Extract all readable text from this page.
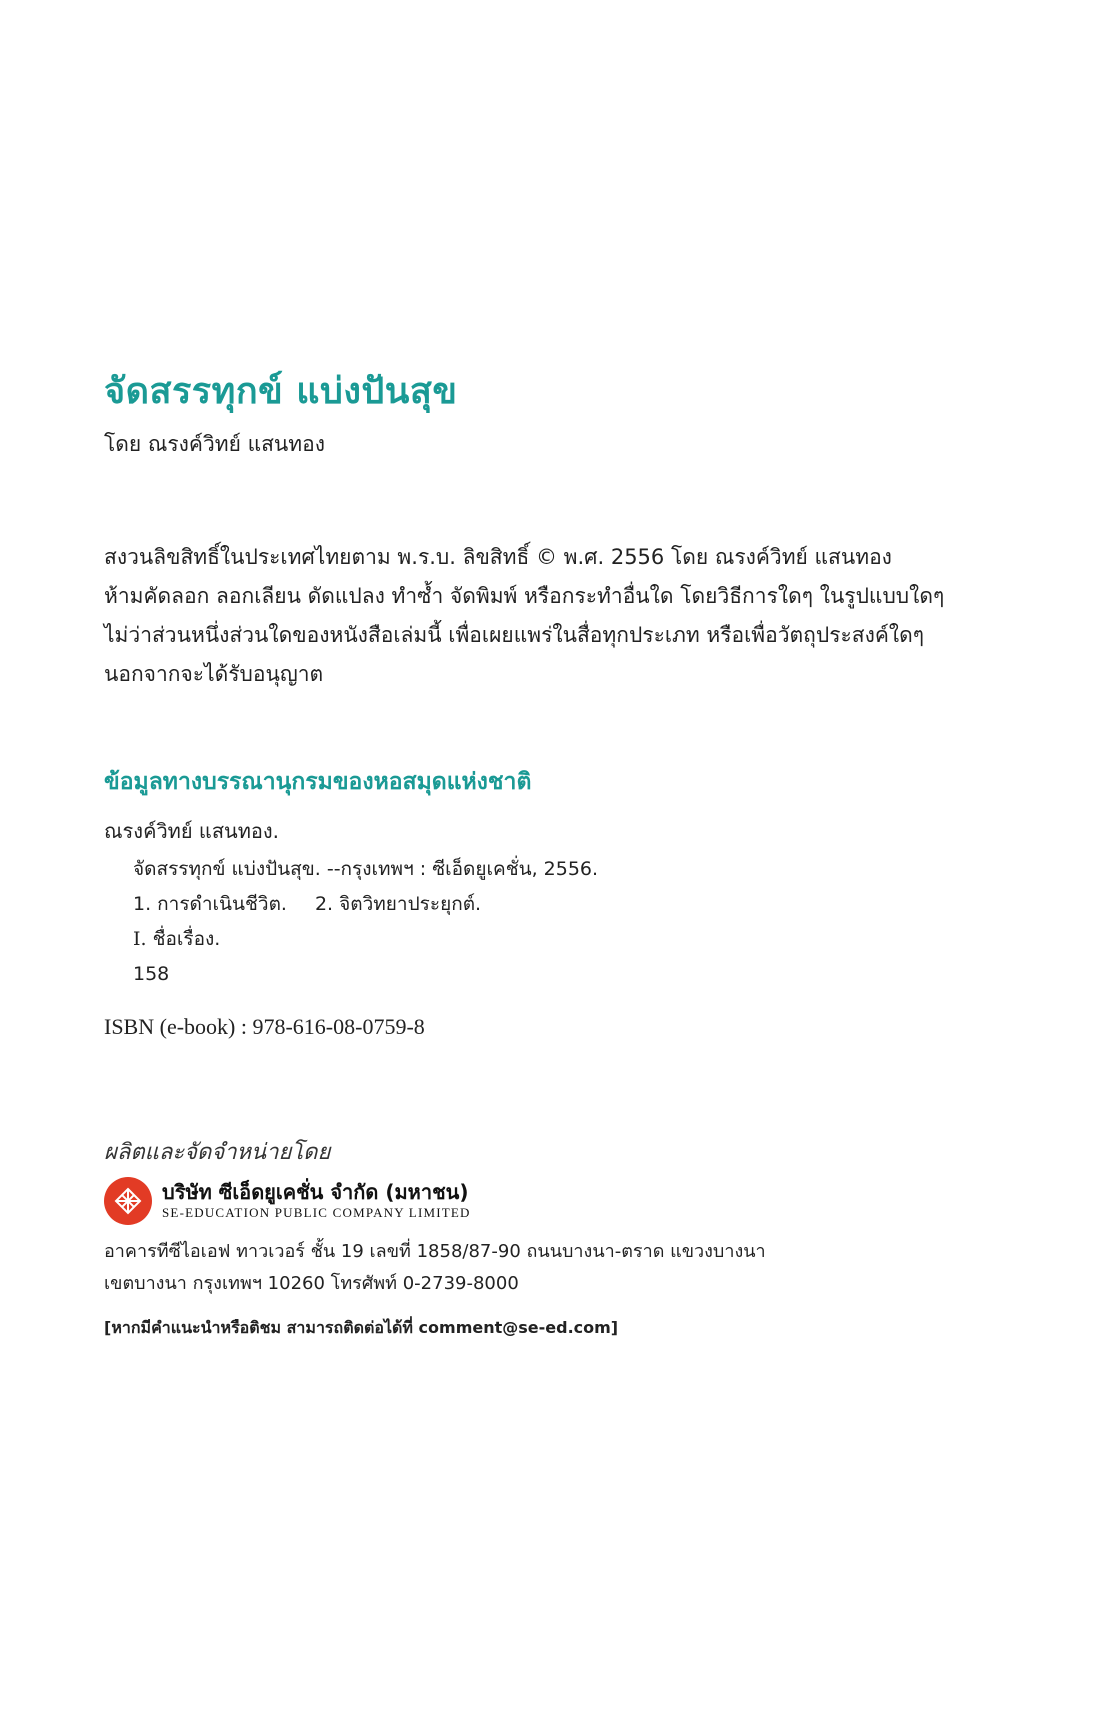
จัดสรรทุกข์ แบ่งปันสุข
โดย ณรงค์วิทย์ แสนทอง
สงวนลิขสิทธิ์ในประเทศไทยตาม พ.ร.บ. ลิขสิทธิ์ © พ.ศ. 2556 โดย ณรงค์วิทย์ แสนทอง
ห้ามคัดลอก ลอกเลียน ดัดแปลง ทำซ้ำ จัดพิมพ์ หรือกระทำอื่นใด โดยวิธีการใดๆ ในรูปแบบใดๆ
ไม่ว่าส่วนหนึ่งส่วนใดของหนังสือเล่มนี้ เพื่อเผยแพร่ในสื่อทุกประเภท หรือเพื่อวัตถุประสงค์ใดๆ
นอกจากจะได้รับอนุญาต
ข้อมูลทางบรรณานุกรมของหอสมุดแห่งชาติ
ณรงค์วิทย์ แสนทอง.
จัดสรรทุกข์ แบ่งปันสุข. --กรุงเทพฯ : ซีเอ็ดยูเคชั่น, 2556.
1. การดำเนินชีวิต. 2. จิตวิทยาประยุกต์.
I. ชื่อเรื่อง.
158
ISBN (e-book) : 978-616-08-0759-8
ผลิตและจัดจำหน่ายโดย
บริษัท ซีเอ็ดยูเคชั่น จำกัด (มหาชน)
SE-EDUCATION PUBLIC COMPANY LIMITED
อาคารทีซีไอเอฟ ทาวเวอร์ ชั้น 19 เลขที่ 1858/87-90 ถนนบางนา-ตราด แขวงบางนา
เขตบางนา กรุงเทพฯ 10260 โทรศัพท์ 0-2739-8000
[หากมีคำแนะนำหรือติชม สามารถติดต่อได้ที่ comment@se-ed.com]
